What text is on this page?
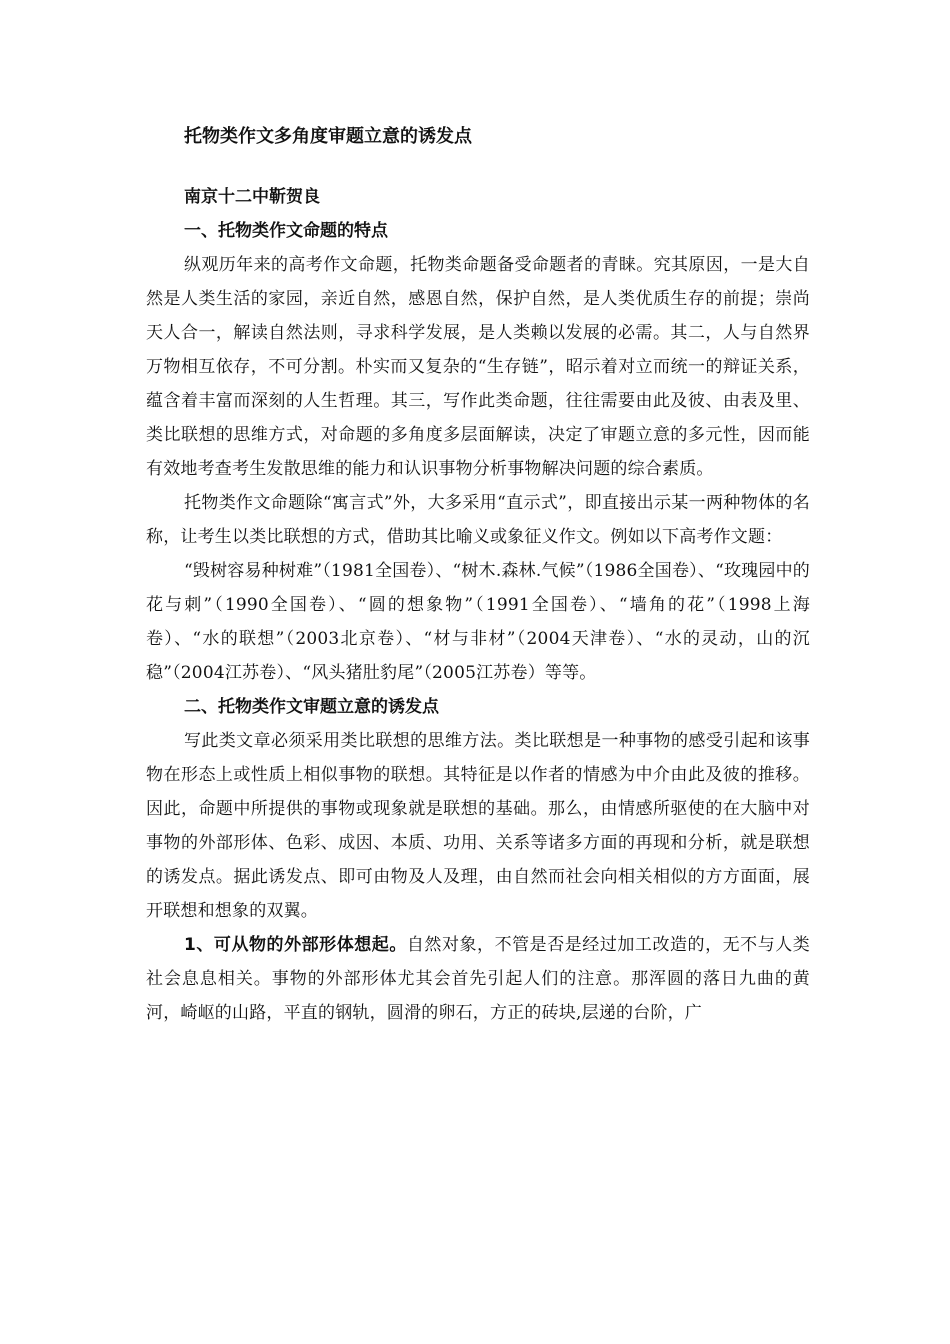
托物类作文多角度审题立意的诱发点
南京十二中靳贺良
一、托物类作文命题的特点

纵观历年来的高考作文命题，托物类命题备受命题者的青睐。究其原因，一是大自然是人类生活的家园，亲近自然，感恩自然，保护自然，是人类优质生存的前提；崇尚天人合一，解读自然法则，寻求科学发展，是人类赖以发展的必需。其二，人与自然界万物相互依存，不可分割。朴实而又复杂的“生存链”，昭示着对立而统一的辩证关系，蕴含着丰富而深刻的人生哲理。其三，写作此类命题，往往需要由此及彼、由表及里、类比联想的思维方式，对命题的多角度多层面解读，决定了审题立意的多元性，因而能有效地考查考生发散思维的能力和认识事物分析事物解决问题的综合素质。

托物类作文命题除“寓言式”外，大多采用“直示式”，即直接出示某一两种物体的名称，让考生以类比联想的方式，借助其比喻义或象征义作文。例如以下高考作文题：

“毁树容易种树难”（1981全国卷）、“树木.森林.气候”（1986全国卷）、“玫瑰园中的花与刺”（1990全国卷）、“圆的想象物”（1991全国卷）、“墙角的花”（1998上海卷）、“水的联想”（2003北京卷）、“材与非材”（2004天津卷）、“水的灵动，山的沉稳”（2004江苏卷）、“风头猪肚豹尾”（2005江苏卷）等等。

二、托物类作文审题立意的诱发点

写此类文章必须采用类比联想的思维方法。类比联想是一种事物的感受引起和该事物在形态上或性质上相似事物的联想。其特征是以作者的情感为中介由此及彼的推移。因此，命题中所提供的事物或现象就是联想的基础。那么，由情感所驱使的在大脑中对事物的外部形体、色彩、成因、本质、功用、关系等诸多方面的再现和分析，就是联想的诱发点。据此诱发点、即可由物及人及理，由自然而社会向相关相似的方方面面，展开联想和想象的双翼。

1、可从物的外部形体想起。自然对象，不管是否是经过加工改造的，无不与人类社会息息相关。事物的外部形体尤其会首先引起人们的注意。那浑圆的落日九曲的黄河，崎岖的山路，平直的钢轨，圆滑的卵石，方正的砖块,层递的台阶，广
